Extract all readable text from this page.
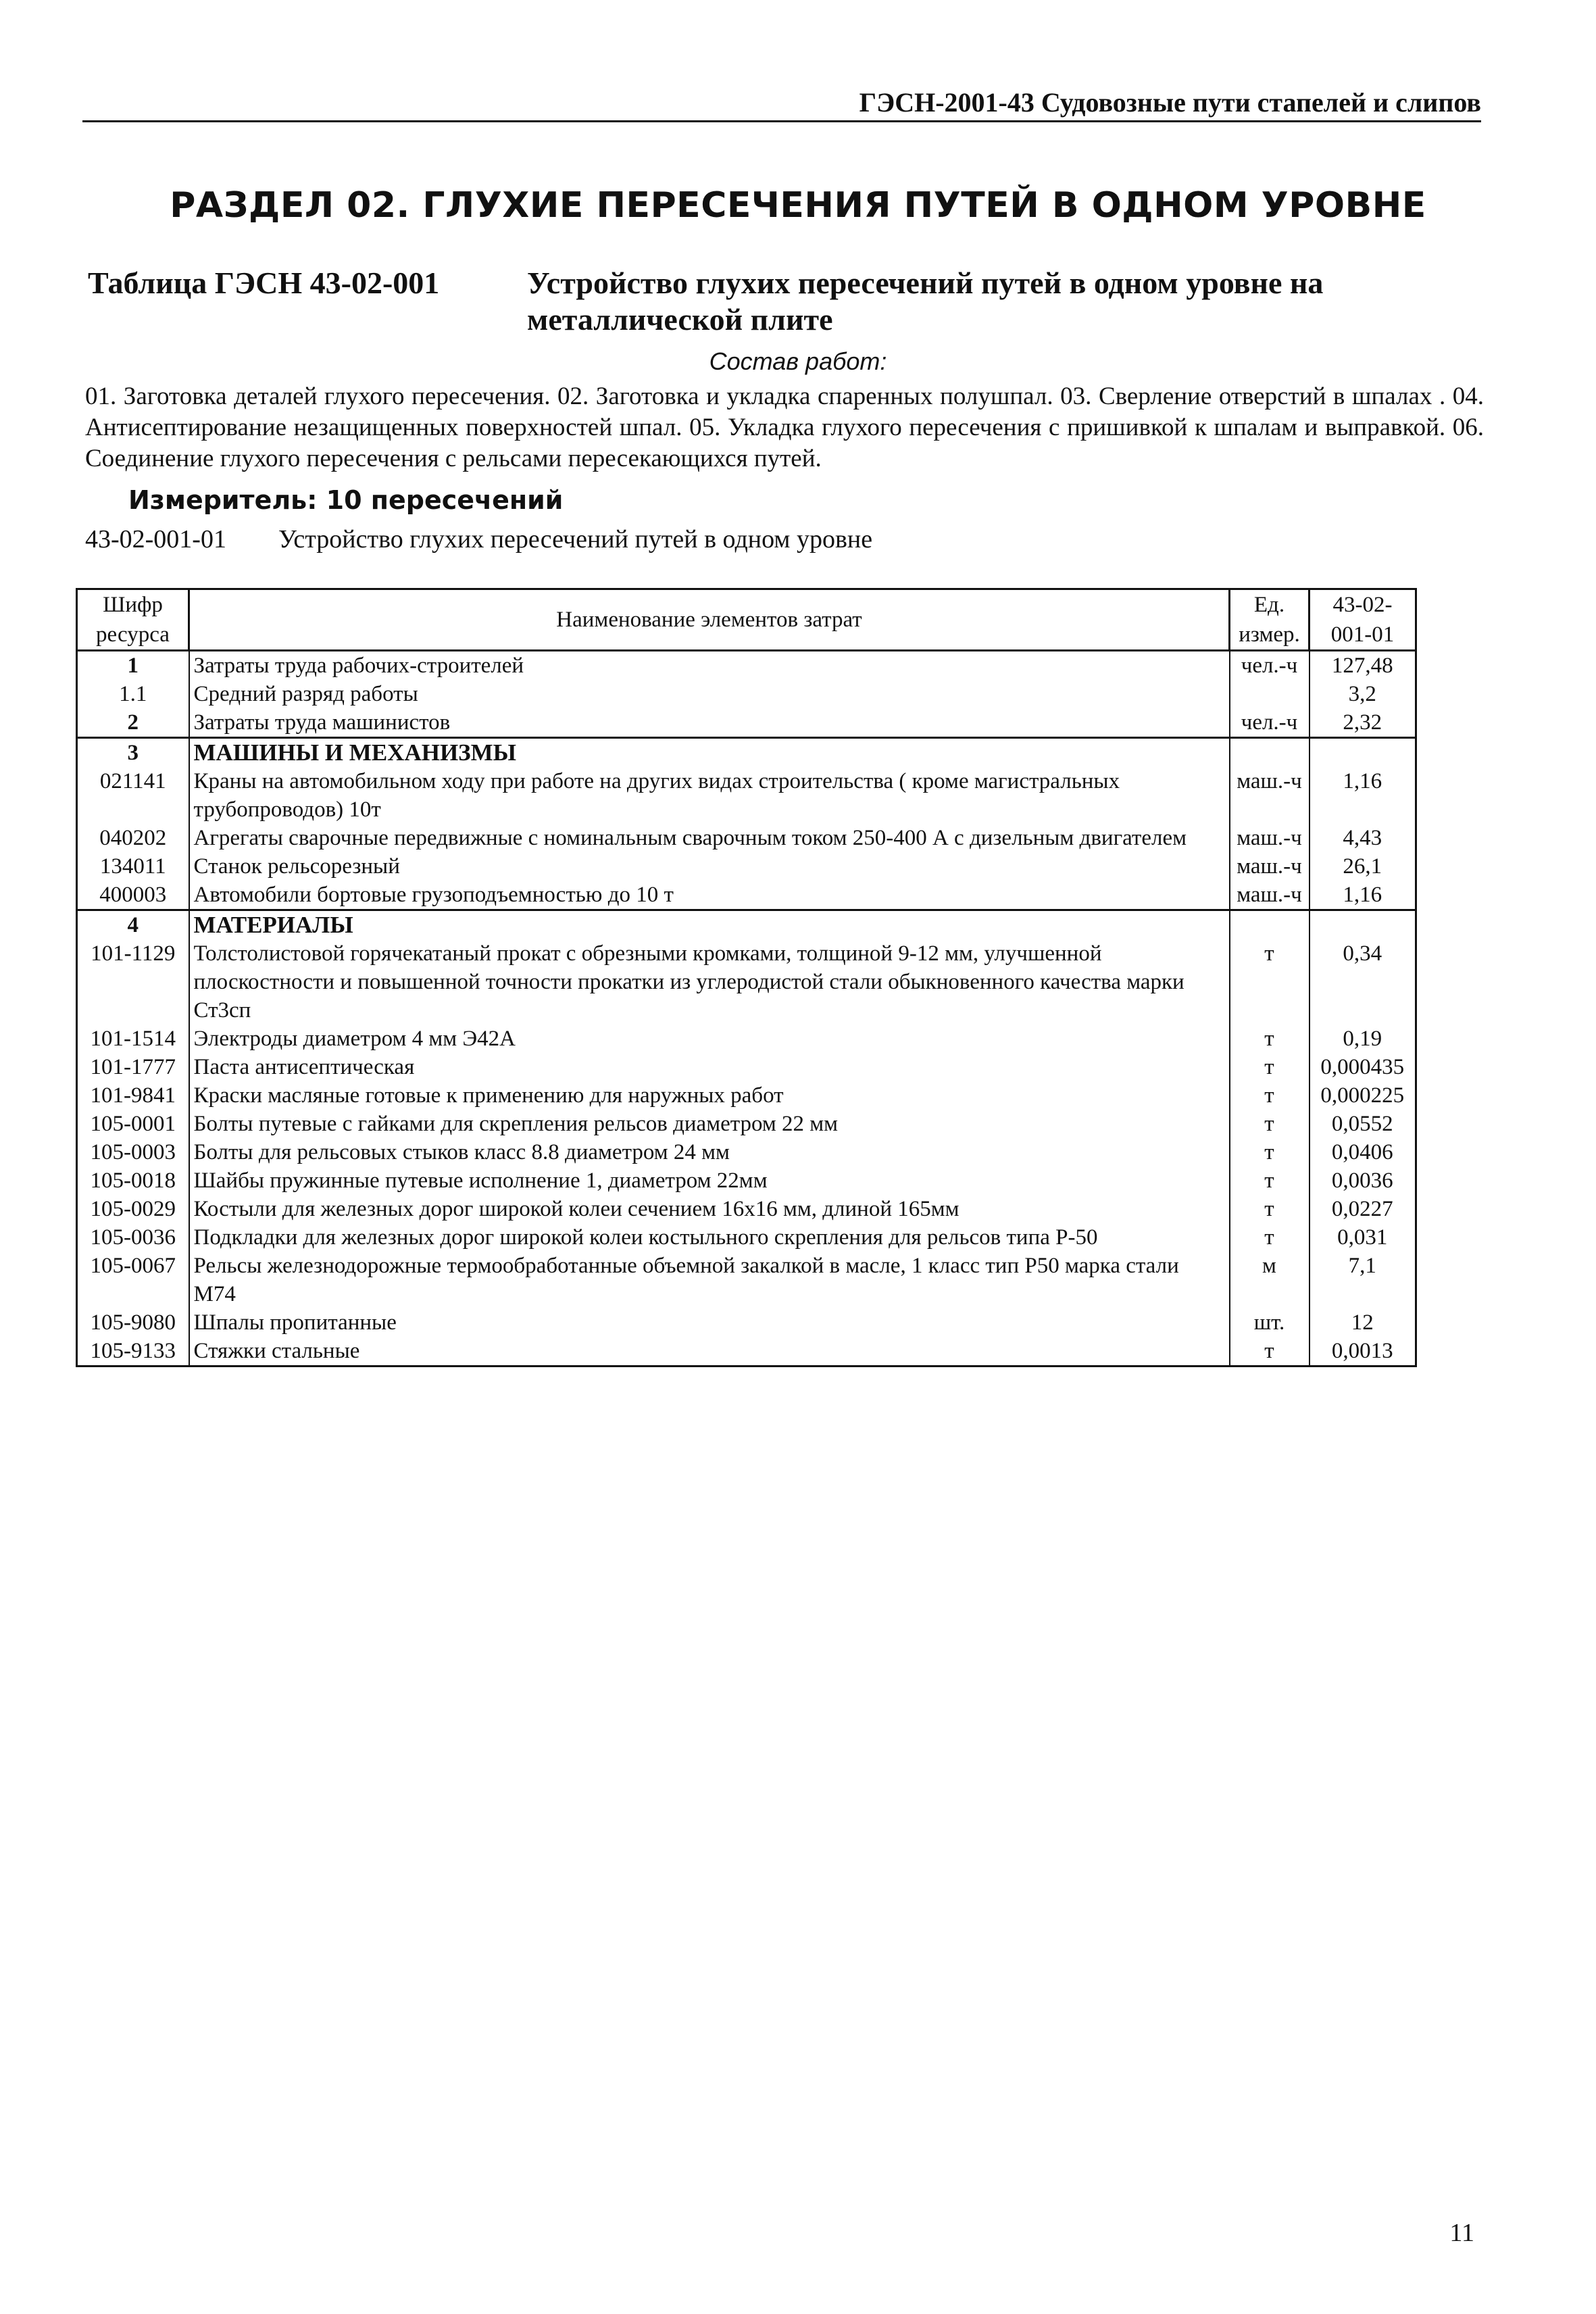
ГЭСН-2001-43 Судовозные пути стапелей и слипов
РАЗДЕЛ 02. ГЛУХИЕ ПЕРЕСЕЧЕНИЯ ПУТЕЙ В ОДНОМ УРОВНЕ
Таблица ГЭСН 43-02-001	Устройство глухих пересечений путей в одном уровне на металлической плите
Состав работ:
01. Заготовка деталей глухого пересечения. 02. Заготовка и укладка спаренных полушпал. 03. Сверление отверстий в шпалах . 04. Антисептирование незащищенных поверхностей шпал. 05. Укладка глухого пересечения с пришивкой к шпалам и выправкой. 06. Соединение глухого пересечения с рельсами пересекающихся путей.
Измеритель: 10 пересечений
43-02-001-01 Устройство глухих пересечений путей в одном уровне
Шифр ресурса	Наименование элементов затрат	Ед. измер.	43-02-001-01
1	Затраты труда рабочих-строителей	чел.-ч	127,48
1.1	Средний разряд работы		3,2
2	Затраты труда машинистов	чел.-ч	2,32
3	МАШИНЫ И МЕХАНИЗМЫ		
021141	Краны на автомобильном ходу при работе на других видах строительства ( кроме магистральных трубопроводов) 10т	маш.-ч	1,16
040202	Агрегаты сварочные передвижные с номинальным сварочным током 250-400 А с дизельным двигателем	маш.-ч	4,43
134011	Станок рельсорезный	маш.-ч	26,1
400003	Автомобили бортовые грузоподъемностью до 10 т	маш.-ч	1,16
4	МАТЕРИАЛЫ		
101-1129	Толстолистовой горячекатаный прокат с обрезными кромками, толщиной 9-12 мм, улучшенной плоскостности и повышенной точности прокатки из углеродистой стали обыкновенного качества марки Ст3сп	т	0,34
101-1514	Электроды диаметром 4 мм Э42А	т	0,19
101-1777	Паста антисептическая	т	0,000435
101-9841	Краски масляные готовые к применению для наружных работ	т	0,000225
105-0001	Болты путевые с гайками для скрепления рельсов диаметром 22 мм	т	0,0552
105-0003	Болты для рельсовых стыков класс 8.8 диаметром 24 мм	т	0,0406
105-0018	Шайбы пружинные путевые исполнение 1, диаметром 22мм	т	0,0036
105-0029	Костыли для железных дорог широкой колеи сечением 16х16 мм, длиной 165мм	т	0,0227
105-0036	Подкладки для железных дорог широкой колеи костыльного скрепления для рельсов типа Р-50	т	0,031
105-0067	Рельсы железнодорожные термообработанные объемной закалкой в масле, 1 класс тип Р50 марка стали М74	м	7,1
105-9080	Шпалы пропитанные	шт.	12
105-9133	Стяжки стальные	т	0,0013
11
